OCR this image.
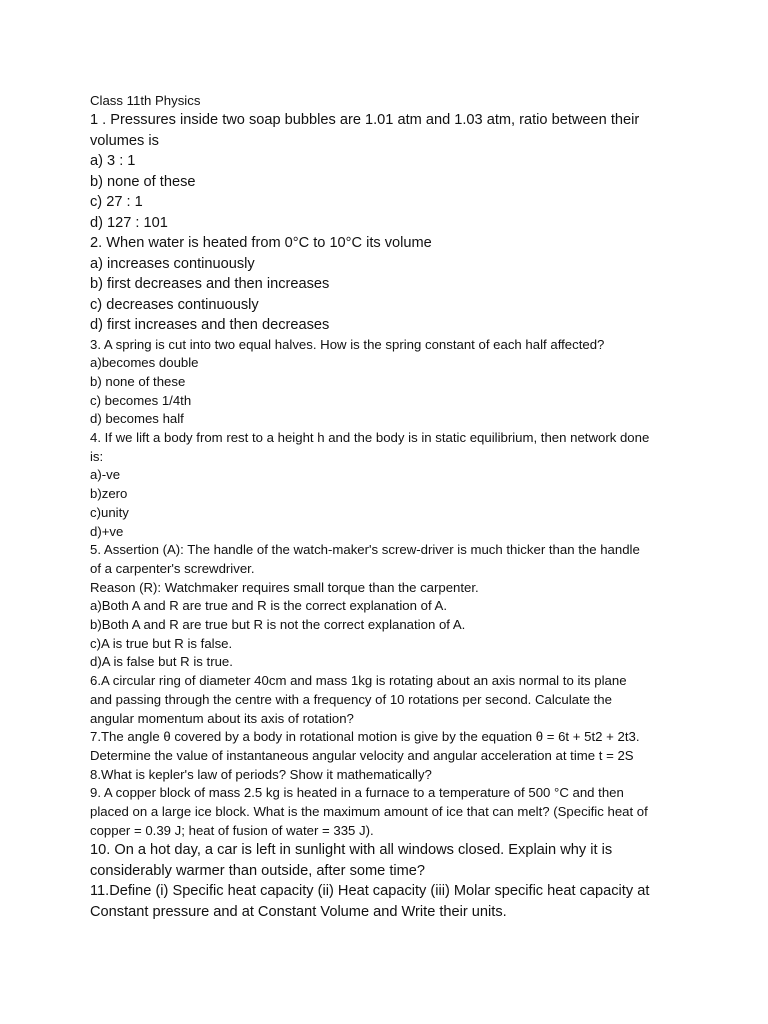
Class 11th Physics
1 . Pressures inside two soap bubbles are 1.01 atm and 1.03 atm, ratio between their
volumes is
a) 3 : 1
b) none of these
c) 27 : 1
d) 127 : 101
2. When water is heated from 0°C to 10°C its volume
a) increases continuously
b) first decreases and then increases
c) decreases continuously
d) first increases and then decreases
3. A spring is cut into two equal halves. How is the spring constant of each half affected?
a)becomes double
b) none of these
c) becomes 1/4th
d) becomes half
4. If we lift a body from rest to a height h and the body is in static equilibrium, then network done
is:
a)-ve
b)zero
c)unity
d)+ve
5. Assertion (A): The handle of the watch-maker's screw-driver is much thicker than the handle
of a carpenter's screwdriver.
Reason (R): Watchmaker requires small torque than the carpenter.
a)Both A and R are true and R is the correct explanation of A.
b)Both A and R are true but R is not the correct explanation of A.
c)A is true but R is false.
d)A is false but R is true.
6.A circular ring of diameter 40cm and mass 1kg is rotating about an axis normal to its plane
and passing through the centre with a frequency of 10 rotations per second. Calculate the
angular momentum about its axis of rotation?
7.The angle θ covered by a body in rotational motion is give by the equation θ = 6t + 5t2 + 2t3.
Determine the value of instantaneous angular velocity and angular acceleration at time t = 2S
8.What is kepler's law of periods? Show it mathematically?
9. A copper block of mass 2.5 kg is heated in a furnace to a temperature of 500 °C and then
placed on a large ice block. What is the maximum amount of ice that can melt? (Specific heat of
copper = 0.39 J; heat of fusion of water = 335 J).
10. On a hot day, a car is left in sunlight with all windows closed. Explain why it is
considerably warmer than outside, after some time?
11.Define (i) Specific heat capacity (ii) Heat capacity (iii) Molar specific heat capacity at
Constant pressure and at Constant Volume and Write their units.
